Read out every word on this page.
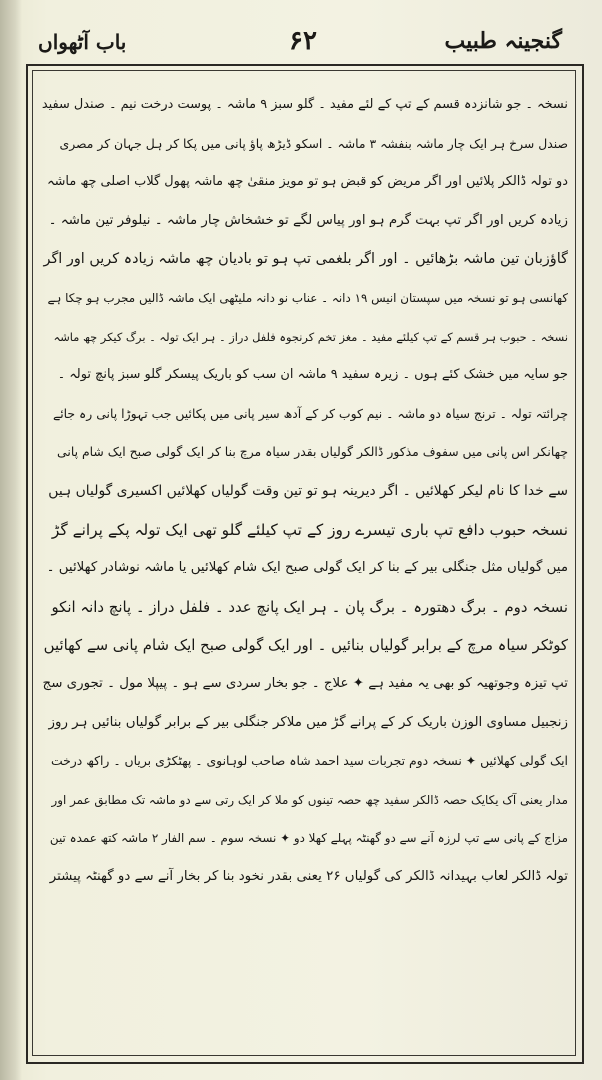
گنجینہ طبیب
۶۲
باب آٹھواں
نسخہ ۔ جو شانزدہ قسم کے تپ کے لئے مفید ۔ گلو سبز ۹ ماشہ ۔ پوست درخت نیم ۔ صندل سفید
صندل سرخ ہر ایک چار ماشہ بنفشہ ۳ ماشہ ۔ اسکو ڈیڑھ پاؤ پانی میں پکا کر ہل جہان کر مصری
دو تولہ ڈالکر پلائیں اور اگر مریض کو قبض ہو تو مویز منقیٰ چھ ماشہ پھول گلاب اصلی چھ ماشہ
زیادہ کریں اور اگر تپ بہت گرم ہو اور پیاس لگے تو خشخاش چار ماشہ ۔ نیلوفر تین ماشہ ۔
گاؤزبان تین ماشہ بڑھائیں ۔ اور اگر بلغمی تپ ہو تو بادیان چھ ماشہ زیادہ کریں اور اگر
کھانسی ہو تو نسخہ میں سپستان انیس ۱۹ دانہ ۔ عناب نو دانہ ملیٹھی ایک ماشہ ڈالیں مجرب ہو چکا ہے
نسخہ ۔ حبوب ہر قسم کے تپ کیلئے مفید ۔ مغز تخم کرنجوہ فلفل دراز ۔ ہر ایک تولہ ۔ برگ کیکر چھ ماشہ
جو سایہ میں خشک کئے ہوں ۔ زیرہ سفید ۹ ماشہ ان سب کو باریک پیسکر گلو سبز پانچ تولہ ۔
چرائتہ تولہ ۔ ترنج سیاہ دو ماشہ ۔ نیم کوب کر کے آدھ سیر پانی میں پکائیں جب تہوڑا پانی رہ جائے
چھانکر اس پانی میں سفوف مذکور ڈالکر گولیاں بقدر سیاہ مرچ بنا کر ایک گولی صبح ایک شام پانی
سے خدا کا نام لیکر کھلائیں ۔ اگر دیرینہ ہو تو تین وقت گولیاں کھلائیں اکسیری گولیاں ہیں
نسخہ حبوب دافع تپ باری تیسرے روز کے تپ کیلئے گلو تھی ایک تولہ پکے پرانے گڑ
میں گولیاں مثل جنگلی بیر کے بنا کر ایک گولی صبح ایک شام کھلائیں یا ماشہ نوشادر کھلائیں ۔
نسخہ دوم ۔ برگ دھتورہ ۔ برگ پان ۔ ہر ایک پانچ عدد ۔ فلفل دراز ۔ پانچ دانہ انکو
کوٹکر سیاہ مرچ کے برابر گولیاں بنائیں ۔ اور ایک گولی صبح ایک شام پانی سے کھائیں
تپ تیزہ وجوتھیہ کو بھی یہ مفید ہے ✦ علاج ۔ جو بخار سردی سے ہو ۔ پیپلا مول ۔ تجوری سج
زنجبیل مساوی الوزن باریک کر کے پرانے گڑ میں ملاکر جنگلی بیر کے برابر گولیاں بنائیں ہر روز
ایک گولی کھلائیں ✦ نسخہ دوم تجربات سید احمد شاہ صاحب لوہانوی ۔ پھٹکڑی بریاں ۔ راکھ درخت
مدار یعنی آک یکایک حصہ ڈالکر سفید چھ حصہ تینوں کو ملا کر ایک رتی سے دو ماشہ تک مطابق عمر اور
مزاج کے پانی سے تپ لرزہ آنے سے دو گھنٹہ پہلے کھلا دو ✦ نسخہ سوم ۔ سم الفار ۲ ماشہ کتھ عمدہ تین
تولہ ڈالکر لعاب بہیدانہ ڈالکر کی گولیاں ۲۶ یعنی بقدر نخود بنا کر بخار آنے سے دو گھنٹہ پیشتر
